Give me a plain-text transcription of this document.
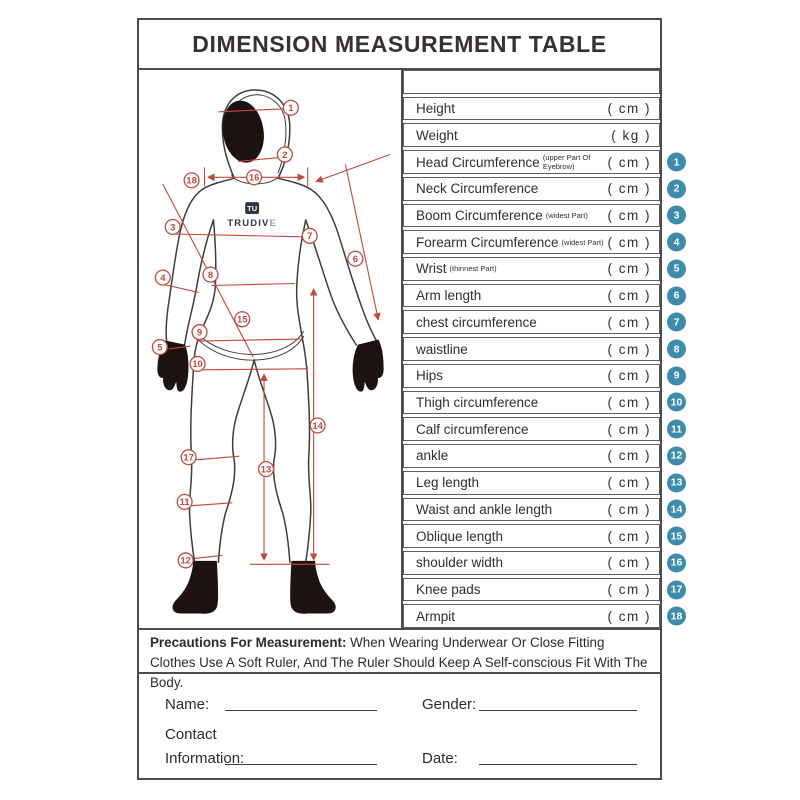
DIMENSION MEASUREMENT TABLE
TU
TRUDIVE
1
2
16
18
3
7
6
8
4
15
9
5
10
14
17
13
11
12
Height	( cm )
Weight	( kg )
Head Circumference (upper Part Of Eyebrow)	( cm )	1
Neck Circumference	( cm )	2
Boom Circumference (widest Part) ( cm )	3
Forearm Circumference (widest Part) ( cm )	4
Wrist (thinnest Part)	( cm )	5
Arm length	( cm )	6
chest circumference	( cm )	7
waistline	( cm )	8
Hips	( cm )	9
Thigh circumference	( cm )	10
Calf circumference	( cm )	11
ankle	( cm )	12
Leg length	( cm )	13
Waist and ankle length	( cm )	14
Oblique length	( cm )	15
shoulder width	( cm )	16
Knee pads	( cm )	17
Armpit	( cm )	18
Precautions For Measurement: When Wearing Underwear Or Close Fitting Clothes Use A Soft Ruler, And The Ruler Should Keep A Self-conscious Fit With The Body.
Name:	Gender:
Contact
Information:	Date:
